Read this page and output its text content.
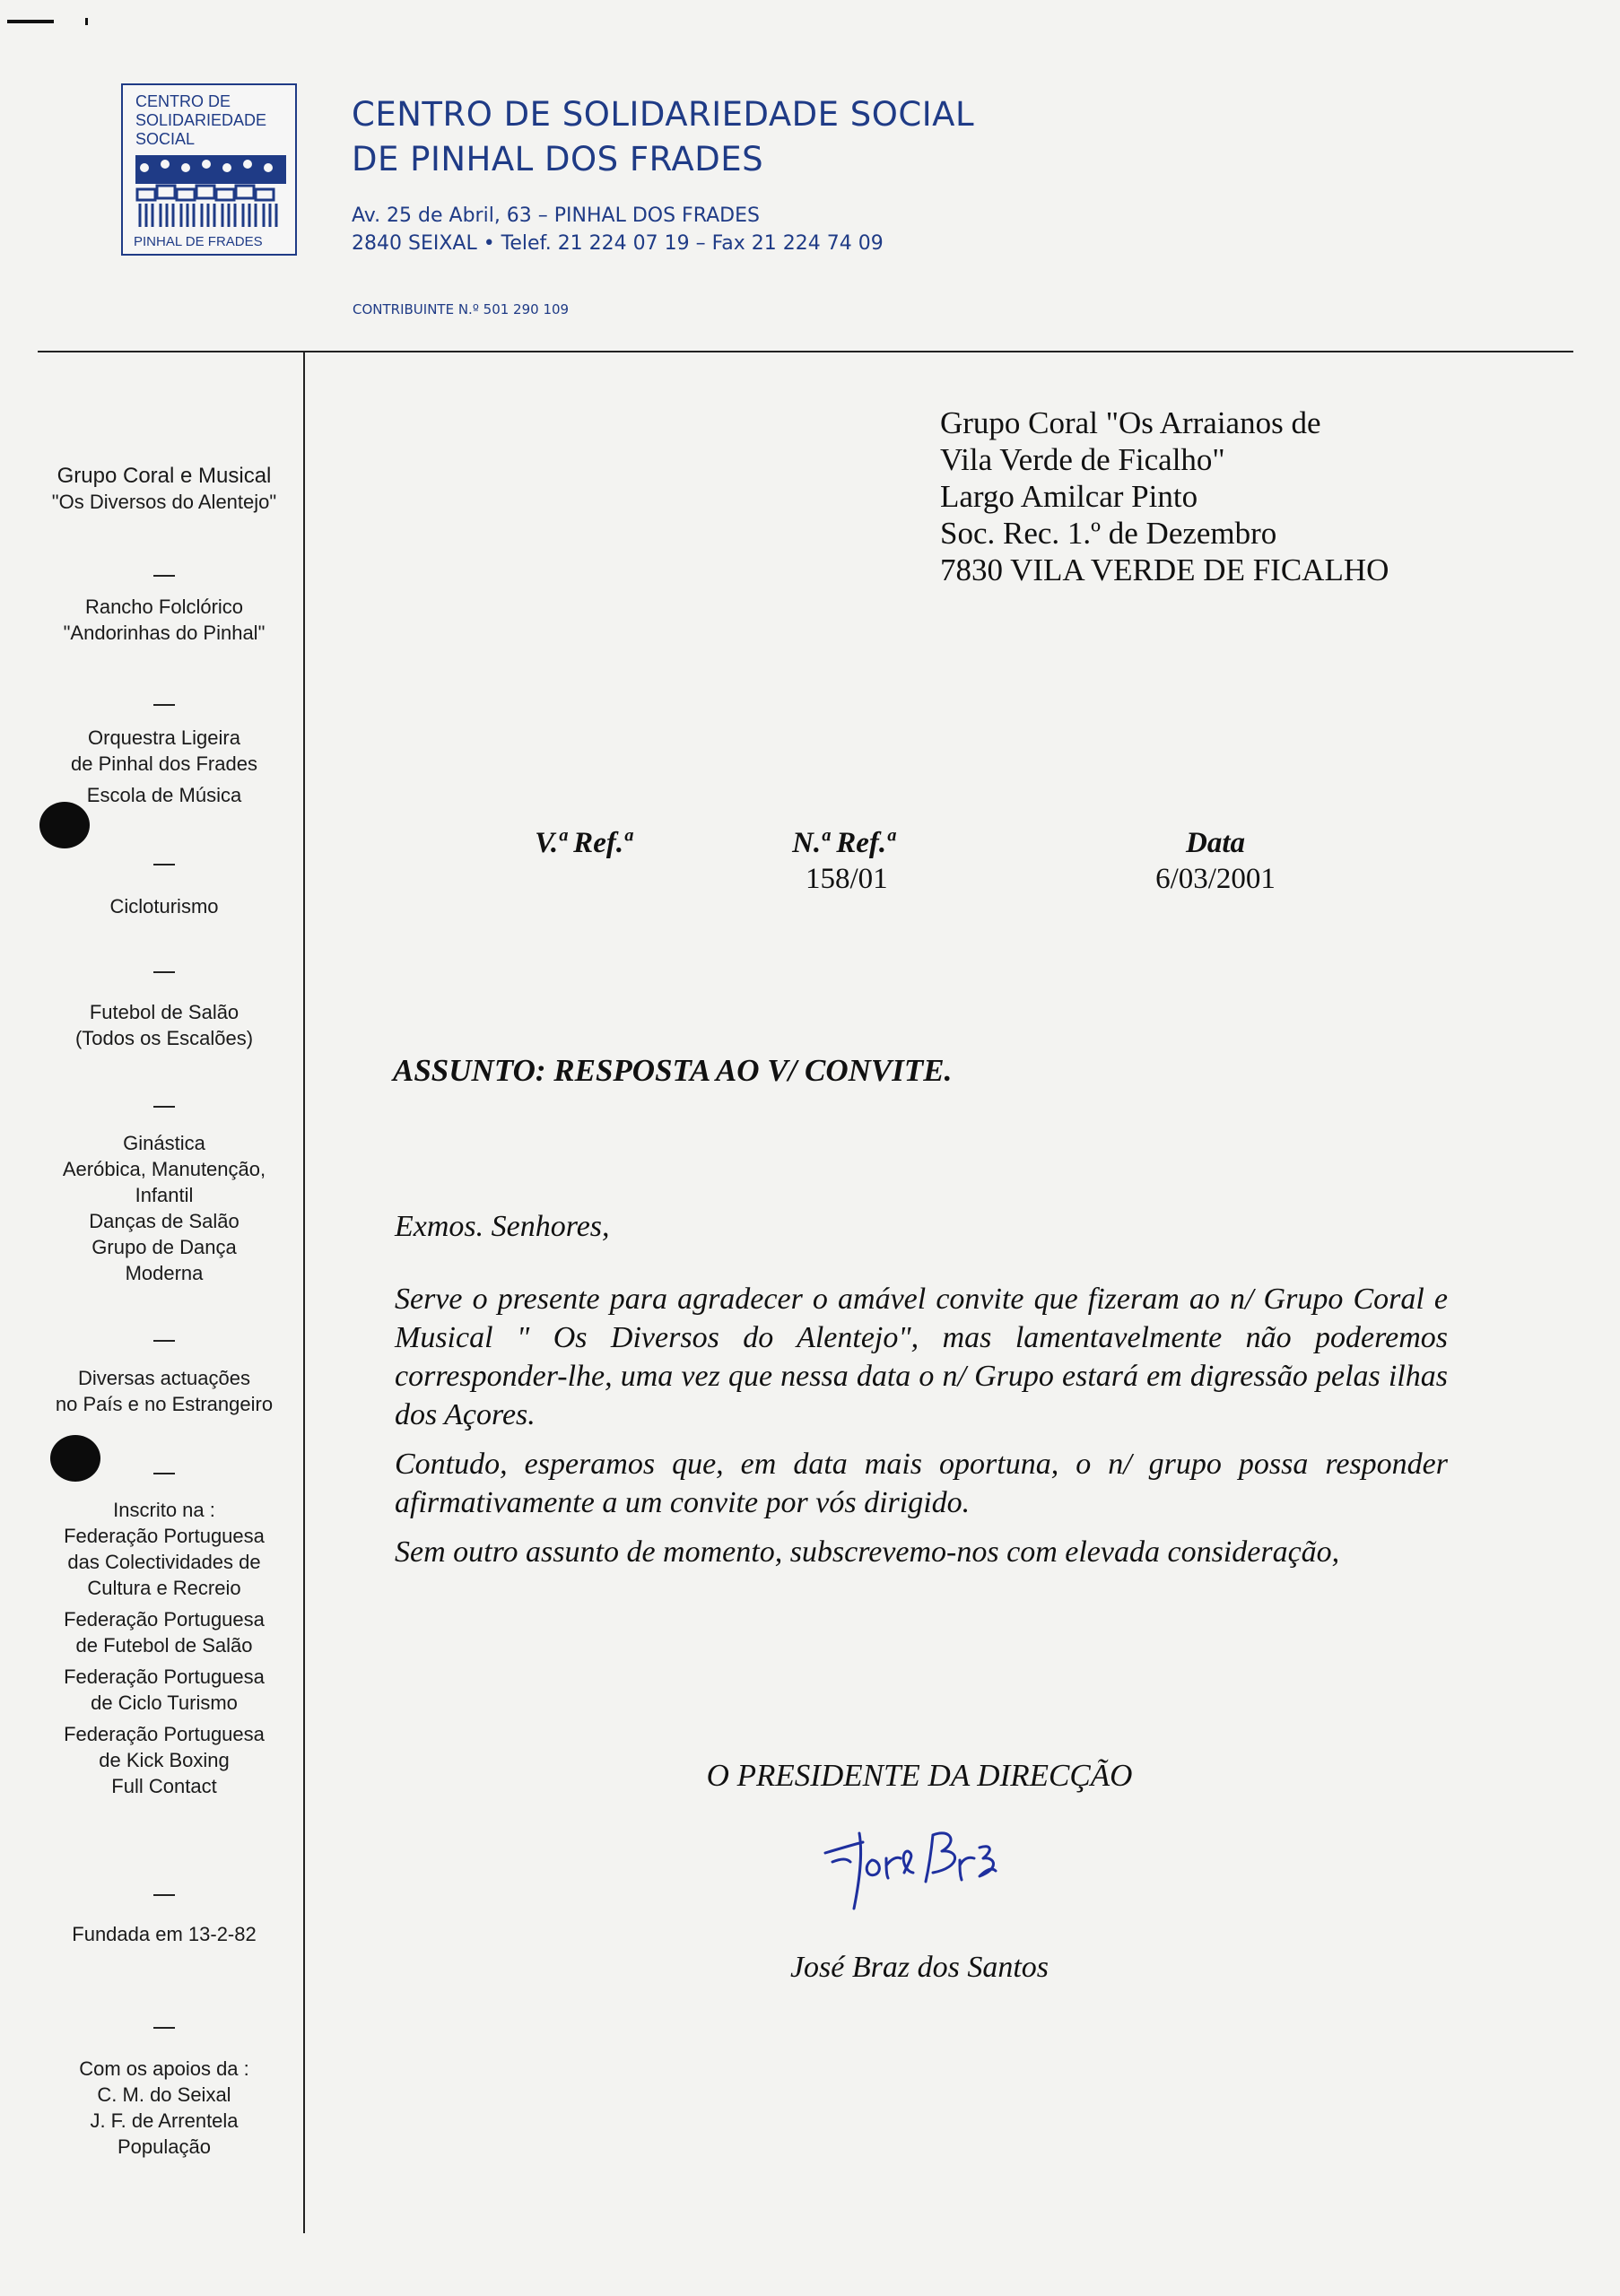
CENTRO DE
SOLIDARIEDADE
SOCIAL
PINHAL DE FRADES
CENTRO DE SOLIDARIEDADE SOCIAL
DE PINHAL DOS FRADES
Av. 25 de Abril, 63 – PINHAL DOS FRADES
2840 SEIXAL • Telef. 21 224 07 19 – Fax 21 224 74 09
CONTRIBUINTE N.º 501 290 109
Grupo Coral e Musical
"Os Diversos do Alentejo"
Rancho Folclórico
"Andorinhas do Pinhal"
Orquestra Ligeira
de Pinhal dos Frades
Escola de Música
Cicloturismo
Futebol de Salão
(Todos os Escalões)
Ginástica
Aeróbica, Manutenção,
Infantil
Danças de Salão
Grupo de Dança
Moderna
Diversas actuações
no País e no Estrangeiro
Inscrito na :
Federação Portuguesa
das Colectividades de
Cultura e Recreio
Federação Portuguesa
de Futebol de Salão
Federação Portuguesa
de Ciclo Turismo
Federação Portuguesa
de Kick Boxing
Full Contact
Fundada em 13-2-82
Com os apoios da :
C. M. do Seixal
J. F. de Arrentela
População
Grupo Coral "Os Arraianos de
Vila Verde de Ficalho"
Largo Amilcar Pinto
Soc. Rec. 1.º de Dezembro
7830 VILA VERDE DE FICALHO
V.ª Ref.ª	N.ª Ref.ª
158/01
Data
6/03/2001
ASSUNTO: RESPOSTA AO V/ CONVITE.

Exmos. Senhores,

Serve o presente para agradecer o amável convite que fizeram ao n/ Grupo Coral e Musical " Os Diversos do Alentejo", mas lamentavelmente não poderemos corresponder-lhe, uma vez que nessa data o n/ Grupo estará em digressão pelas ilhas dos Açores.

Contudo, esperamos que, em data mais oportuna, o n/ grupo possa responder afirmativamente a um convite por vós dirigido.

Sem outro assunto de momento, subscrevemo-nos com elevada consideração,

O PRESIDENTE DA DIRECÇÃO
José Braz dos Santos
